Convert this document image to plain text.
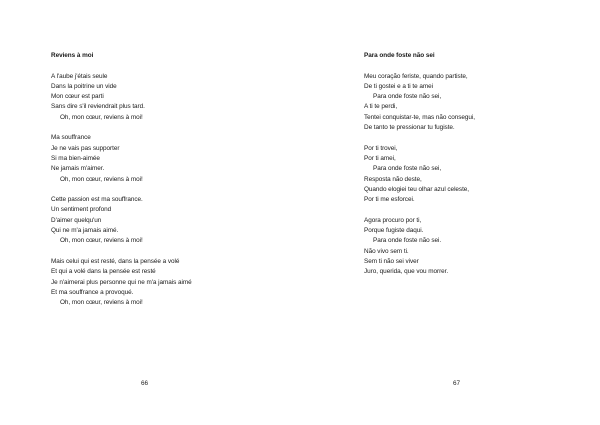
Reviens à moi
A l'aube j'étais seule
Dans la poitrine un vide
Mon cœur est parti
Sans dire s'il reviendrait plus tard.
Oh, mon cœur, reviens à moi!
Ma souffrance
Je ne vais pas supporter
Si ma bien-aimée
Ne jamais m'aimer.
Oh, mon cœur, reviens à moi!
Cette passion est ma souffrance.
Un sentiment profond
D'aimer quelqu'un
Qui ne m'a jamais aimé.
Oh, mon cœur, reviens à moi!
Mais celui qui est resté, dans la pensée a volé
Et qui a volé dans la pensée est resté
Je n'aimerai plus personne qui ne m'a jamais aimé
Et ma souffrance a provoqué.
Oh, mon cœur, reviens à moi!
66
Para onde foste não sei
Meu coração feriste, quando partiste,
De ti gostei e a ti te amei
Para onde foste não sei,
A ti te perdi,
Tentei conquistar-te, mas não consegui,
De tanto te pressionar tu fugiste.
Por ti trovei,
Por ti amei,
Para onde foste não sei,
Resposta não deste,
Quando elogiei teu olhar azul celeste,
Por ti me esforcei.
Agora procuro por ti,
Porque fugiste daqui.
Para onde foste não sei.
Não vivo sem ti.
Sem ti não sei viver
Juro, querida, que vou morrer.
67
